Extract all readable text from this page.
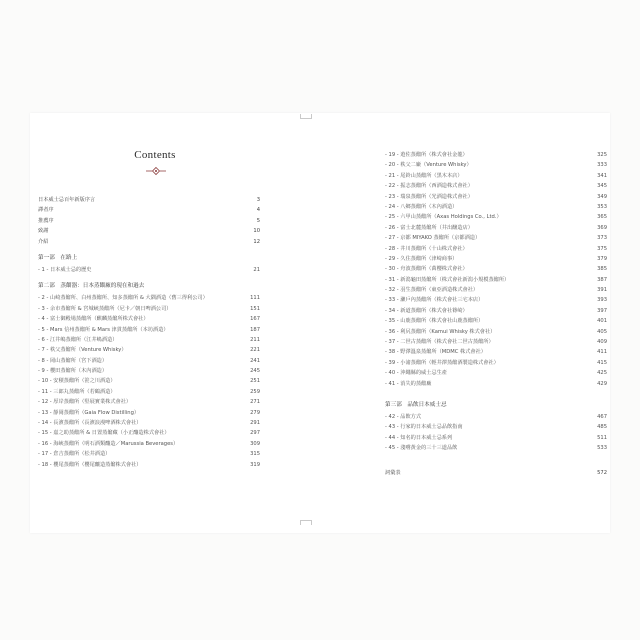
Contents
日本威士忌百年新版序言	3
譯者序	4
推薦序	5
致謝	10
介紹	12
第一部　在路上
- 1 - 日本威士忌的歷史	21
第二部　蒸餾器：日本蒸餾廠的現在和過去
- 2 - 山崎蒸餾所、白州蒸餾所、知多蒸餾所 & 大隅酒造（舊三得利公司）	111
- 3 - 余市蒸餾所 & 宮城峽蒸餾所（尼卡／朝日啤酒公司）	151
- 4 - 富士御殿場蒸餾所（麒麟蒸餾所株式會社）	167
- 5 - Mars 信州蒸餾所 & Mars 津貫蒸餾所（本坊酒造）	187
- 6 - 江井嶋蒸餾所（江井嶋酒造）	211
- 7 - 秩父蒸餾所（Venture Whisky）	221
- 8 - 岡山蒸餾所（宮下酒造）	241
- 9 - 櫻田蒸餾所（木內酒造）	245
- 10 - 安積蒸餾所（笹之川酒造）	251
- 11 - 三郎丸蒸餾所（若鶴酒造）	259
- 12 - 厚岸蒸餾所（堅展實業株式會社）	271
- 13 - 靜岡蒸餾所（Gaia Flow Distilling）	279
- 14 - 長濱蒸餾所（長濱浪漫啤酒株式會社）	291
- 15 - 嘉之助蒸餾所 & 日置蒸餾藏（小正釀造株式會社）	297
- 16 - 海峽蒸餾所（明石酒類釀造／Marussia Beverages）	309
- 17 - 倉吉蒸餾所（松井酒造）	315
- 18 - 櫻尾蒸餾所（櫻尾釀造蒸餾株式會社）	319
- 19 - 遊佐蒸餾所（株式會社金龍）	325
- 20 - 秩父二廠（Venture Whisky）	333
- 21 - 尾鈴山蒸餾所（黑木本店）	341
- 22 - 振志蒸餾所（西酒造株式會社）	345
- 23 - 瑞泉蒸餾所（光酒造株式會社）	349
- 24 - 八鄉蒸餾所（木內酒造）	353
- 25 - 六甲山蒸餾所（Axas Holdings Co., Ltd.）	365
- 26 - 富士北麓蒸餾所（井出醸造店）	369
- 27 - 京都 MIYAKO 蒸餾所（京都酒造）	373
- 28 - 井川蒸餾所（十山株式會社）	375
- 29 - 久住蒸餾所（津崎商事）	379
- 30 - 舟波蒸餾所（萬櫻株式會社）	385
- 31 - 新潟龜田蒸餾所（株式會社新潟小規模蒸餾所）	387
- 32 - 羽生蒸餾所（東亞酒造株式會社）	391
- 33 - 瀨戶內蒸餾所（株式會社三宅本店）	393
- 34 - 新道蒸餾所（株式會社篠崎）	397
- 35 - 山鹿蒸餾所（株式會社山鹿蒸餾所）	401
- 36 - 利尻蒸餾所（Kamui Whisky 株式會社）	405
- 37 - 二世古蒸餾所（株式會社二世古蒸餾所）	409
- 38 - 野澤溫泉蒸餾所（MDMC 株式會社）	411
- 39 - 小諸蒸餾所（輕井澤蒸餾酒製造株式會社）	415
- 40 - 沖繩縣的威士忌生產	425
- 41 - 消失的蒸餾廠	429
第三部　品飲日本威士忌
- 42 - 品飲方式	467
- 43 - 行家的日本威士忌品飲指南	485
- 44 - 知名的日本威士忌系列	511
- 45 - 淺嚐黃金的三十三道品飲	533
詞彙表	572
